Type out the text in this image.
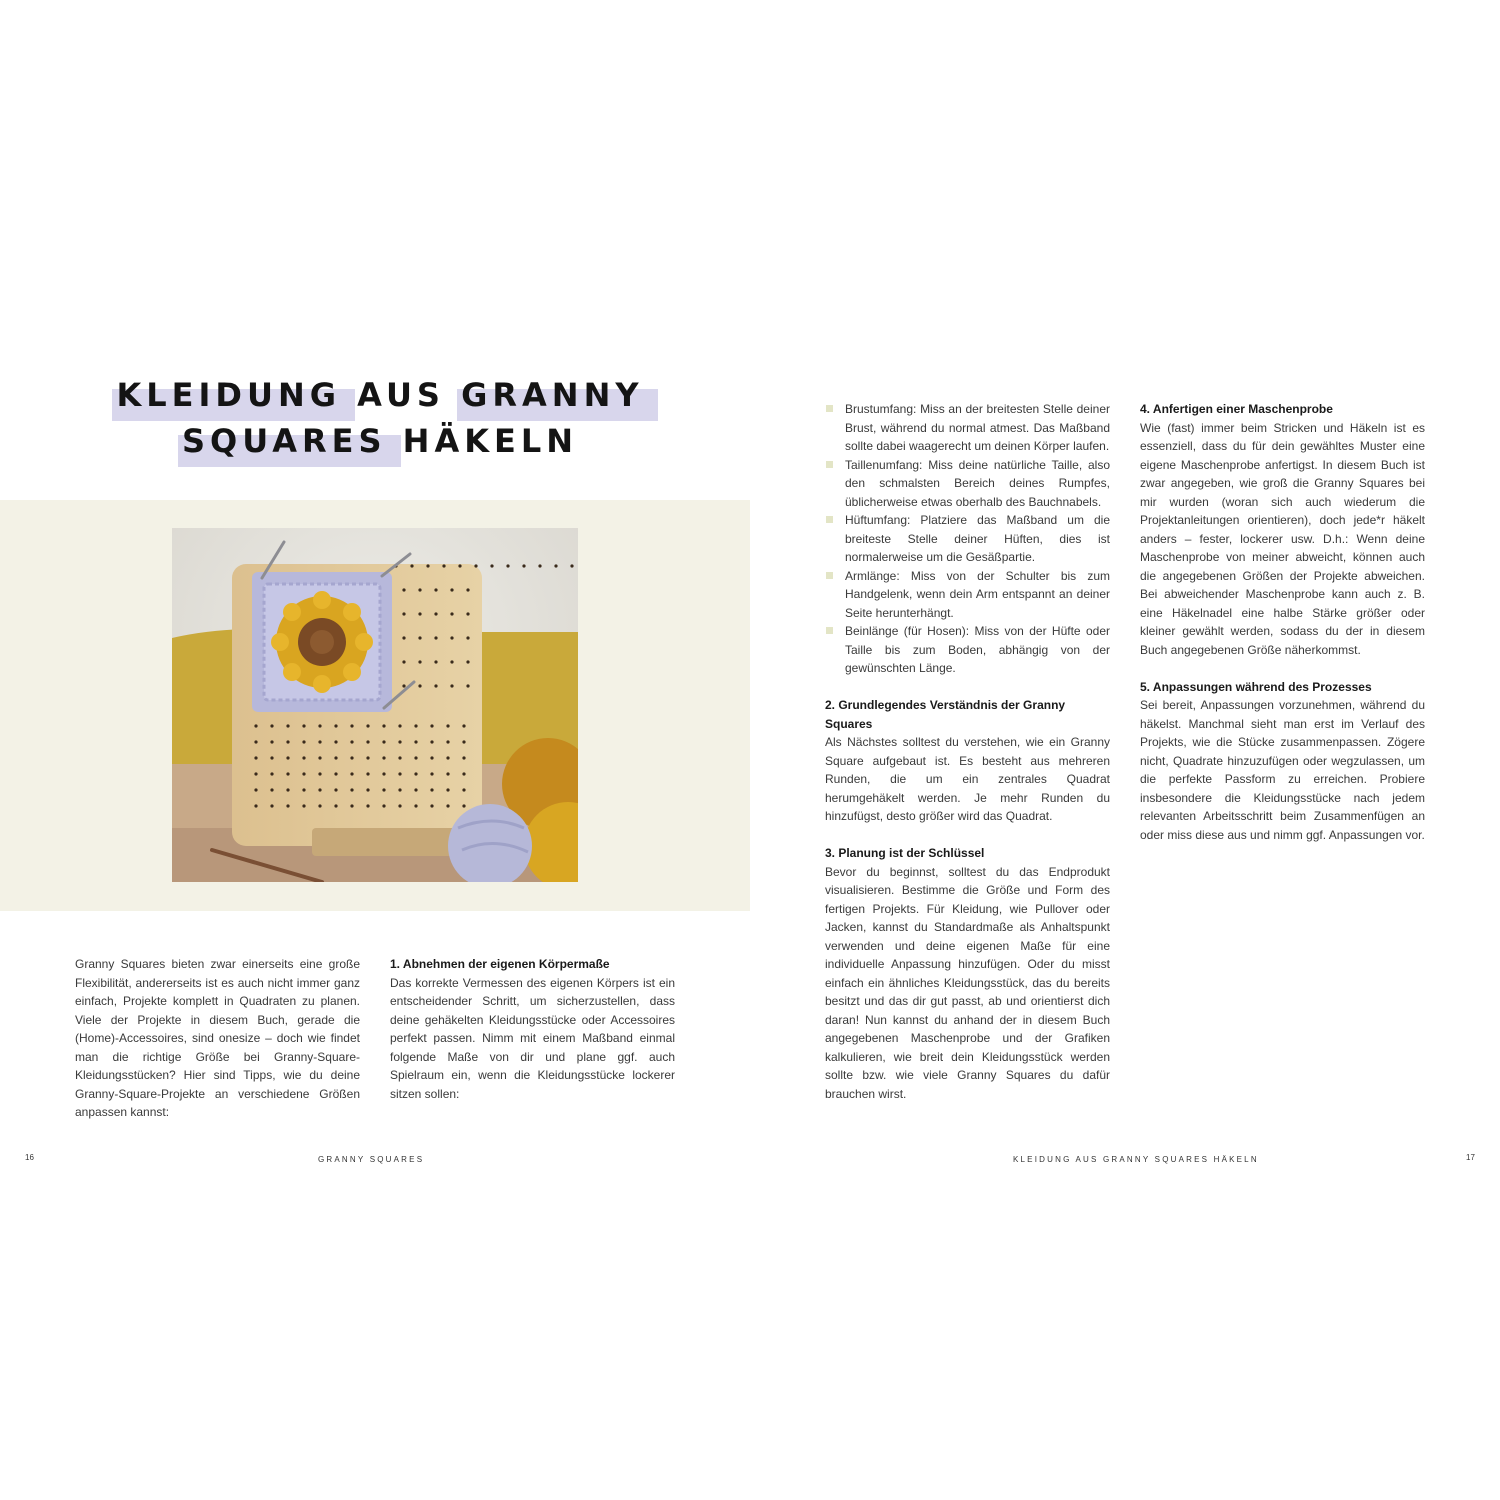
KLEIDUNG AUS GRANNY
SQUARES HÄKELN

Granny Squares bieten zwar einerseits eine große Flexibilität, andererseits ist es auch nicht immer ganz einfach, Projekte komplett in Quadraten zu planen. Viele der Projekte in diesem Buch, gerade die (Home)-Accessoires, sind onesize – doch wie findet man die richtige Größe bei Granny-Square-Kleidungsstücken? Hier sind Tipps, wie du deine Granny-Square-Projekte an verschiedene Größen anpassen kannst:

1. Abnehmen der eigenen Körpermaße

Das korrekte Vermessen des eigenen Körpers ist ein entscheidender Schritt, um sicherzustellen, dass deine gehäkelten Kleidungsstücke oder Accessoires perfekt passen. Nimm mit einem Maßband einmal folgende Maße von dir und plane ggf. auch Spielraum ein, wenn die Kleidungsstücke lockerer sitzen sollen:

Brustumfang: Miss an der breitesten Stelle deiner Brust, während du normal atmest. Das Maßband sollte dabei waagerecht um deinen Körper laufen.
Taillenumfang: Miss deine natürliche Taille, also den schmalsten Bereich deines Rumpfes, üblicherweise etwas oberhalb des Bauchnabels.
Hüftumfang: Platziere das Maßband um die breiteste Stelle deiner Hüften, dies ist normalerweise um die Gesäßpartie.
Armlänge: Miss von der Schulter bis zum Handgelenk, wenn dein Arm entspannt an deiner Seite herunterhängt.
Beinlänge (für Hosen): Miss von der Hüfte oder Taille bis zum Boden, abhängig von der gewünschten Länge.
2. Grundlegendes Verständnis der Granny Squares

Als Nächstes solltest du verstehen, wie ein Granny Square aufgebaut ist. Es besteht aus mehreren Runden, die um ein zentrales Quadrat herumgehäkelt werden. Je mehr Runden du hinzufügst, desto größer wird das Quadrat.

3. Planung ist der Schlüssel

Bevor du beginnst, solltest du das Endprodukt visualisieren. Bestimme die Größe und Form des fertigen Projekts. Für Kleidung, wie Pullover oder Jacken, kannst du Standardmaße als Anhaltspunkt verwenden und deine eigenen Maße für eine individuelle Anpassung hinzufügen. Oder du misst einfach ein ähnliches Kleidungsstück, das du bereits besitzt und das dir gut passt, ab und orientierst dich daran! Nun kannst du anhand der in diesem Buch angegebenen Maschenprobe und der Grafiken kalkulieren, wie breit dein Kleidungsstück werden sollte bzw. wie viele Granny Squares du dafür brauchen wirst.

4. Anfertigen einer Maschenprobe

Wie (fast) immer beim Stricken und Häkeln ist es essenziell, dass du für dein gewähltes Muster eine eigene Maschenprobe anfertigst. In diesem Buch ist zwar angegeben, wie groß die Granny Squares bei mir wurden (woran sich auch wiederum die Projektanleitungen orientieren), doch jede*r häkelt anders – fester, lockerer usw. D.h.: Wenn deine Maschenprobe von meiner abweicht, können auch die angegebenen Größen der Projekte abweichen. Bei abweichender Maschenprobe kann auch z. B. eine Häkelnadel eine halbe Stärke größer oder kleiner gewählt werden, sodass du der in diesem Buch angegebenen Größe näherkommst.

5. Anpassungen während des Prozesses

Sei bereit, Anpassungen vorzunehmen, während du häkelst. Manchmal sieht man erst im Verlauf des Projekts, wie die Stücke zusammenpassen. Zögere nicht, Quadrate hinzuzufügen oder wegzulassen, um die perfekte Passform zu erreichen. Probiere insbesondere die Kleidungsstücke nach jedem relevanten Arbeitsschritt beim Zusammenfügen an oder miss diese aus und nimm ggf. Anpassungen vor.

16	GRANNY SQUARES	KLEIDUNG AUS GRANNY SQUARES HÄKELN	17
